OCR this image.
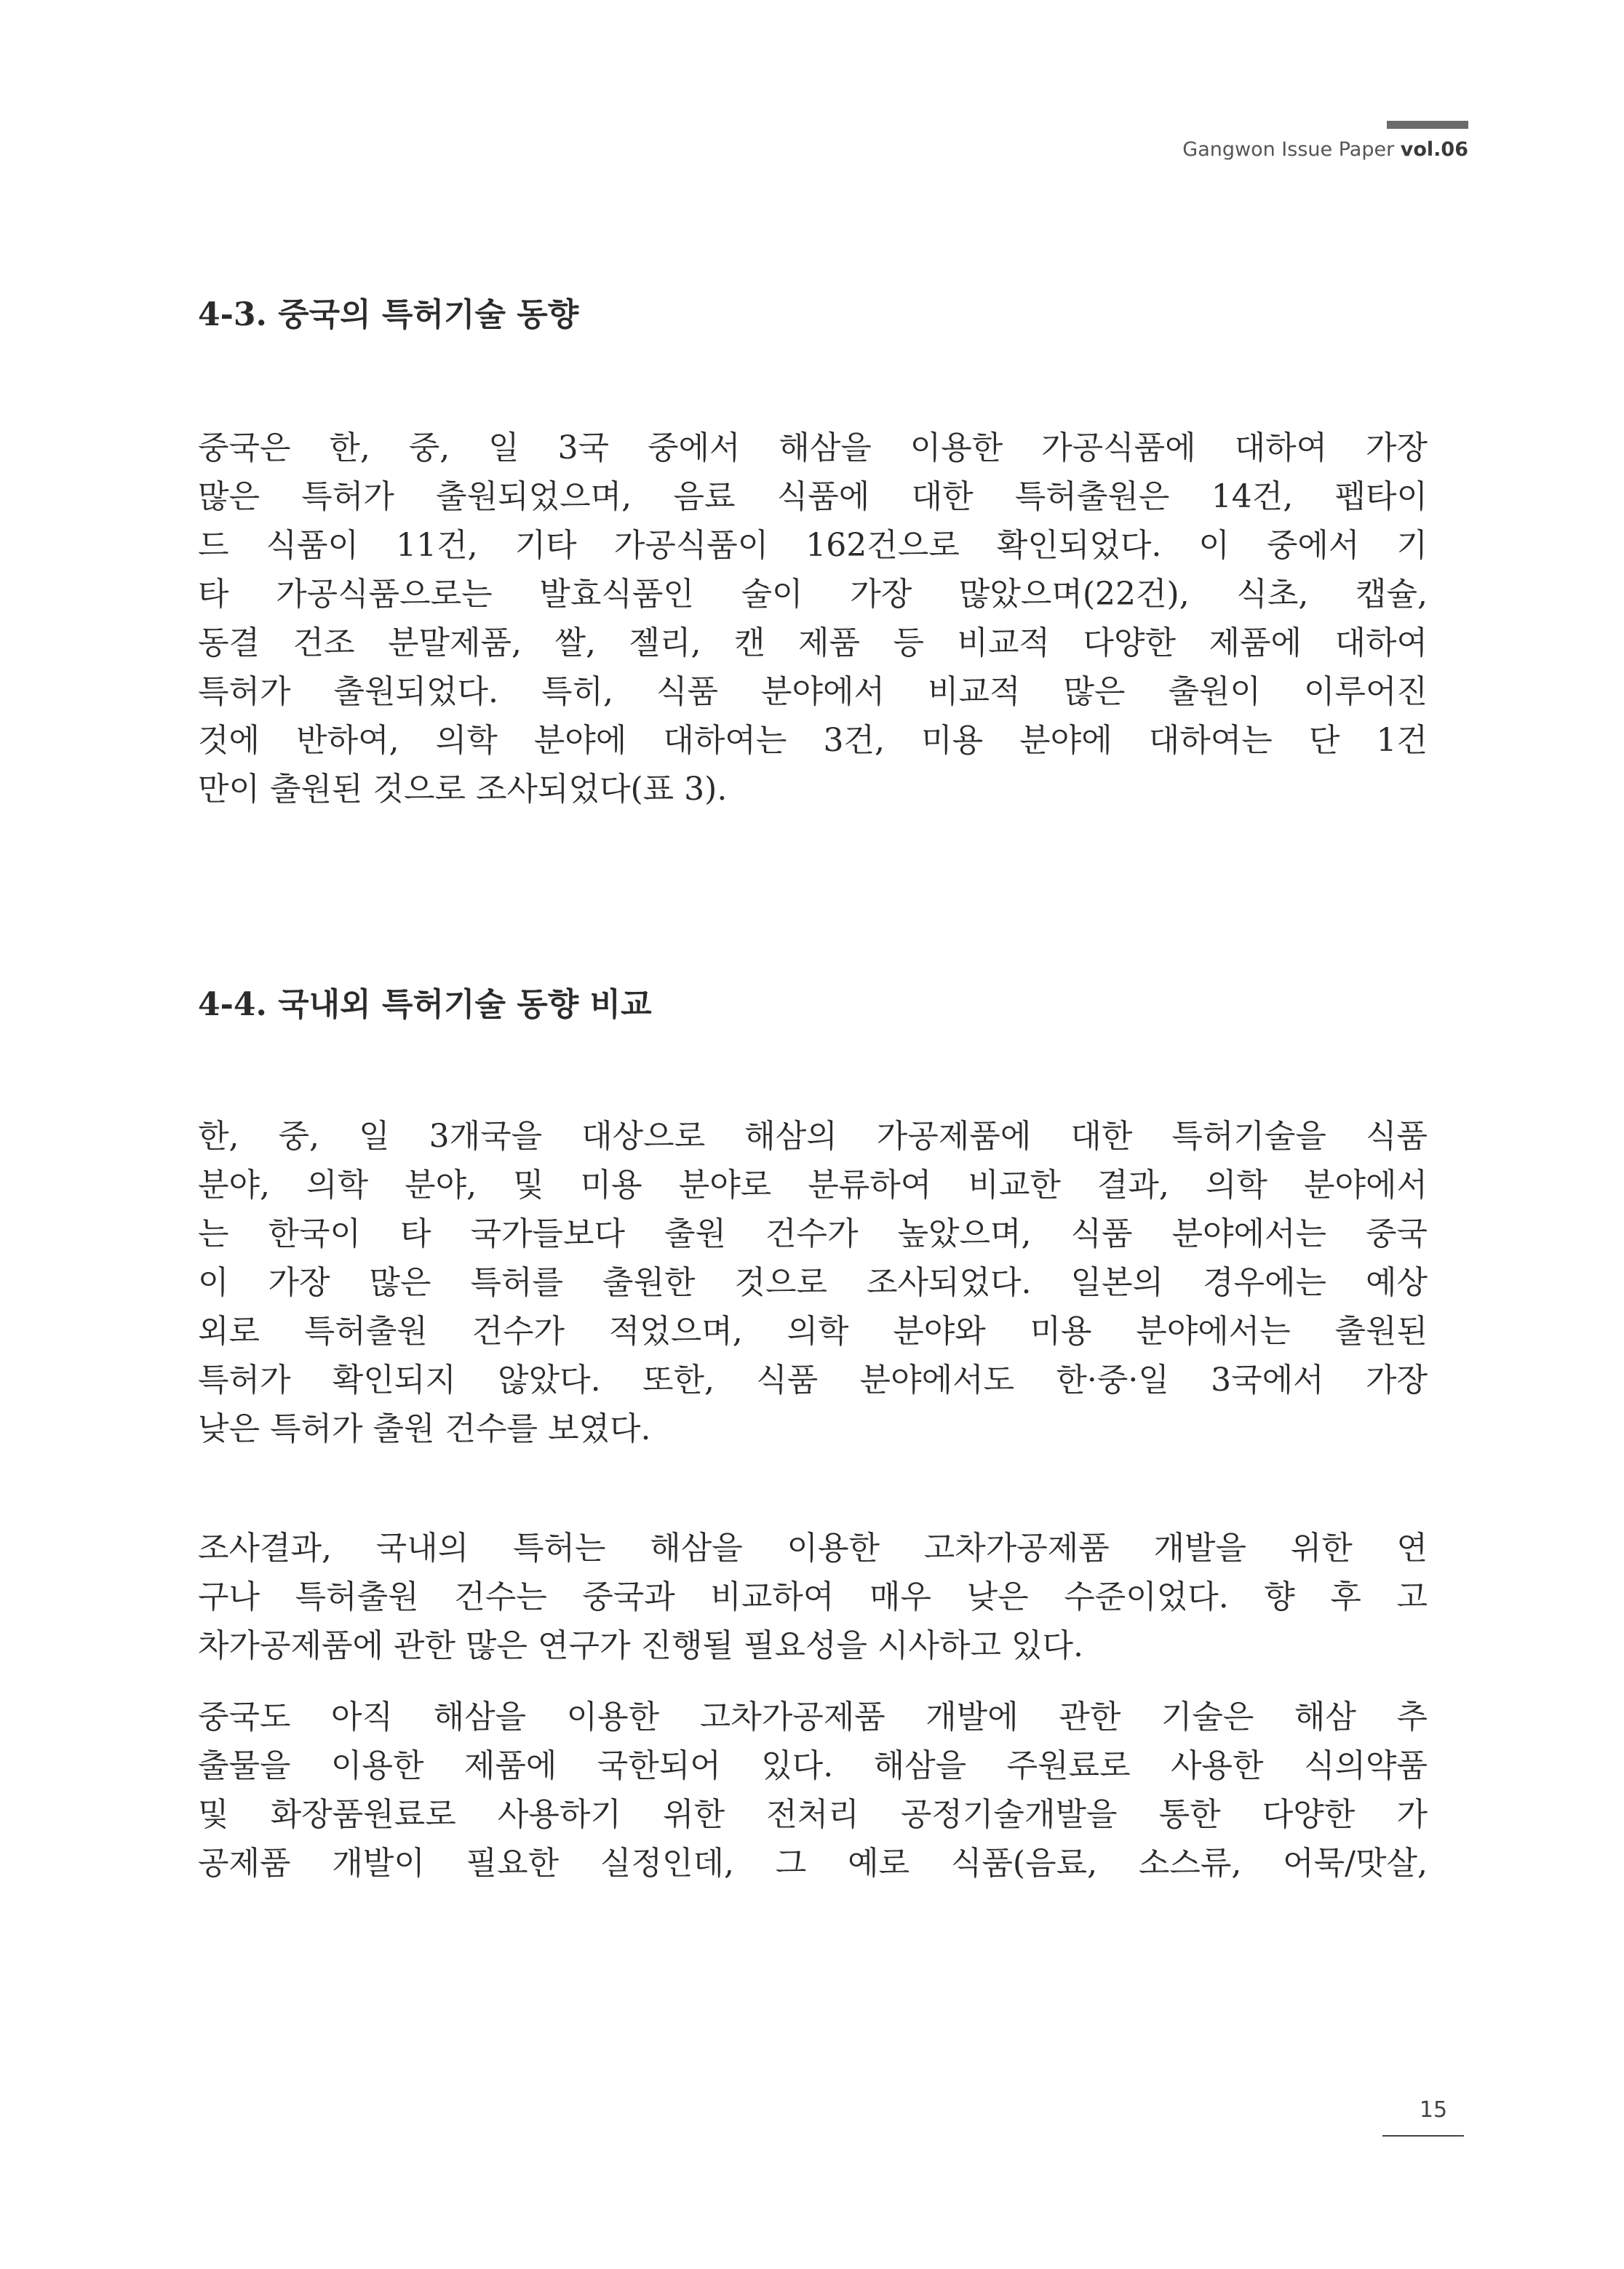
Gangwon Issue Paper vol.06
4-3. 중국의 특허기술 동향
중국은 한, 중, 일 3국 중에서 해삼을 이용한 가공식품에 대하여 가장
많은 특허가 출원되었으며, 음료 식품에 대한 특허출원은 14건, 펩타이
드 식품이 11건, 기타 가공식품이 162건으로 확인되었다. 이 중에서 기
타 가공식품으로는 발효식품인 술이 가장 많았으며(22건), 식초, 캡슐,
동결 건조 분말제품, 쌀, 젤리, 캔 제품 등 비교적 다양한 제품에 대하여
특허가 출원되었다. 특히, 식품 분야에서 비교적 많은 출원이 이루어진
것에 반하여, 의학 분야에 대하여는 3건, 미용 분야에 대하여는 단 1건
만이 출원된 것으로 조사되었다(표 3).
4-4. 국내외 특허기술 동향 비교
한, 중, 일 3개국을 대상으로 해삼의 가공제품에 대한 특허기술을 식품
분야, 의학 분야, 및 미용 분야로 분류하여 비교한 결과, 의학 분야에서
는 한국이 타 국가들보다 출원 건수가 높았으며, 식품 분야에서는 중국
이 가장 많은 특허를 출원한 것으로 조사되었다. 일본의 경우에는 예상
외로 특허출원 건수가 적었으며, 의학 분야와 미용 분야에서는 출원된
특허가 확인되지 않았다. 또한, 식품 분야에서도 한·중·일 3국에서 가장
낮은 특허가 출원 건수를 보였다.
조사결과, 국내의 특허는 해삼을 이용한 고차가공제품 개발을 위한 연
구나 특허출원 건수는 중국과 비교하여 매우 낮은 수준이었다. 향 후 고
차가공제품에 관한 많은 연구가 진행될 필요성을 시사하고 있다.
중국도 아직 해삼을 이용한 고차가공제품 개발에 관한 기술은 해삼 추
출물을 이용한 제품에 국한되어 있다. 해삼을 주원료로 사용한 식의약품
및 화장품원료로 사용하기 위한 전처리 공정기술개발을 통한 다양한 가
공제품 개발이 필요한 실정인데, 그 예로 식품(음료, 소스류, 어묵/맛살,
15
